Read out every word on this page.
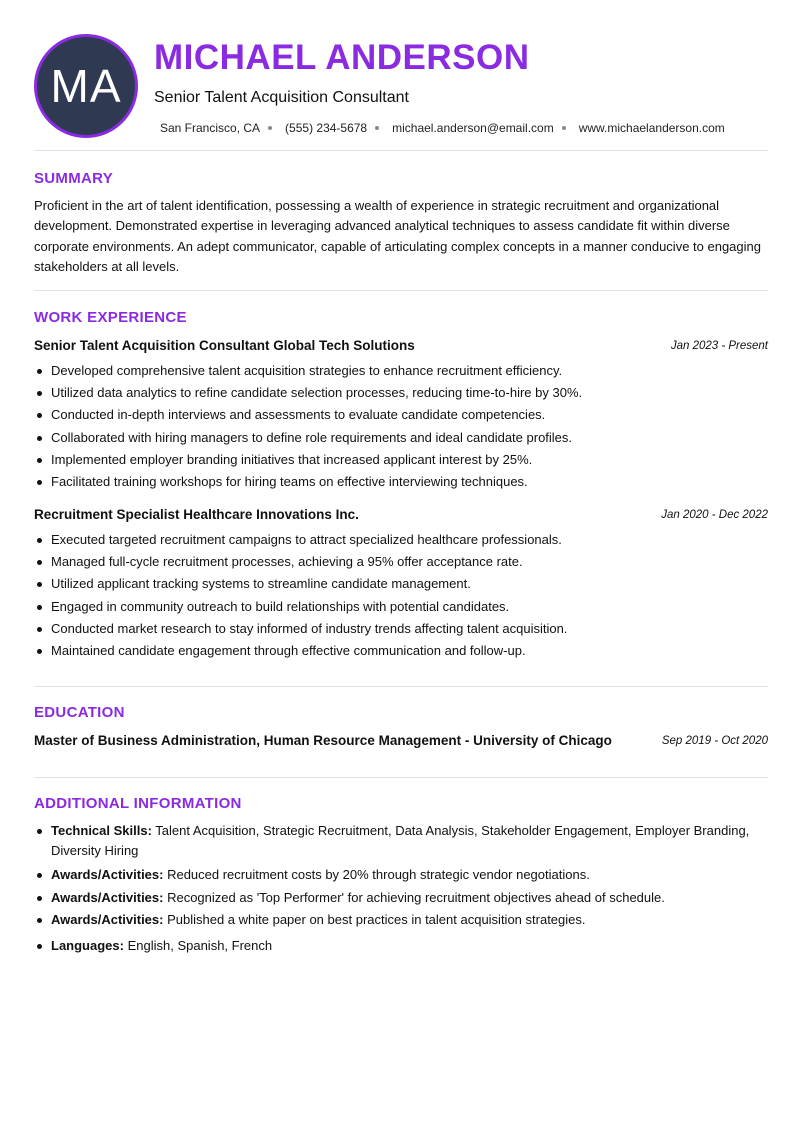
MA
MICHAEL ANDERSON
Senior Talent Acquisition Consultant
San Francisco, CA (555) 234-5678 michael.anderson@email.com www.michaelanderson.com
SUMMARY
Proficient in the art of talent identification, possessing a wealth of experience in strategic recruitment and organizational development. Demonstrated expertise in leveraging advanced analytical techniques to assess candidate fit within diverse corporate environments. An adept communicator, capable of articulating complex concepts in a manner conducive to engaging stakeholders at all levels.
WORK EXPERIENCE
Senior Talent Acquisition Consultant Global Tech Solutions	Jan 2023 - Present
Developed comprehensive talent acquisition strategies to enhance recruitment efficiency.
Utilized data analytics to refine candidate selection processes, reducing time-to-hire by 30%.
Conducted in-depth interviews and assessments to evaluate candidate competencies.
Collaborated with hiring managers to define role requirements and ideal candidate profiles.
Implemented employer branding initiatives that increased applicant interest by 25%.
Facilitated training workshops for hiring teams on effective interviewing techniques.
Recruitment Specialist Healthcare Innovations Inc.	Jan 2020 - Dec 2022
Executed targeted recruitment campaigns to attract specialized healthcare professionals.
Managed full-cycle recruitment processes, achieving a 95% offer acceptance rate.
Utilized applicant tracking systems to streamline candidate management.
Engaged in community outreach to build relationships with potential candidates.
Conducted market research to stay informed of industry trends affecting talent acquisition.
Maintained candidate engagement through effective communication and follow-up.
EDUCATION
Master of Business Administration, Human Resource Management - University of Chicago	Sep 2019 - Oct 2020
ADDITIONAL INFORMATION
Technical Skills: Talent Acquisition, Strategic Recruitment, Data Analysis, Stakeholder Engagement, Employer Branding, Diversity Hiring
Awards/Activities: Reduced recruitment costs by 20% through strategic vendor negotiations.
Awards/Activities: Recognized as 'Top Performer' for achieving recruitment objectives ahead of schedule.
Awards/Activities: Published a white paper on best practices in talent acquisition strategies.
Languages: English, Spanish, French
